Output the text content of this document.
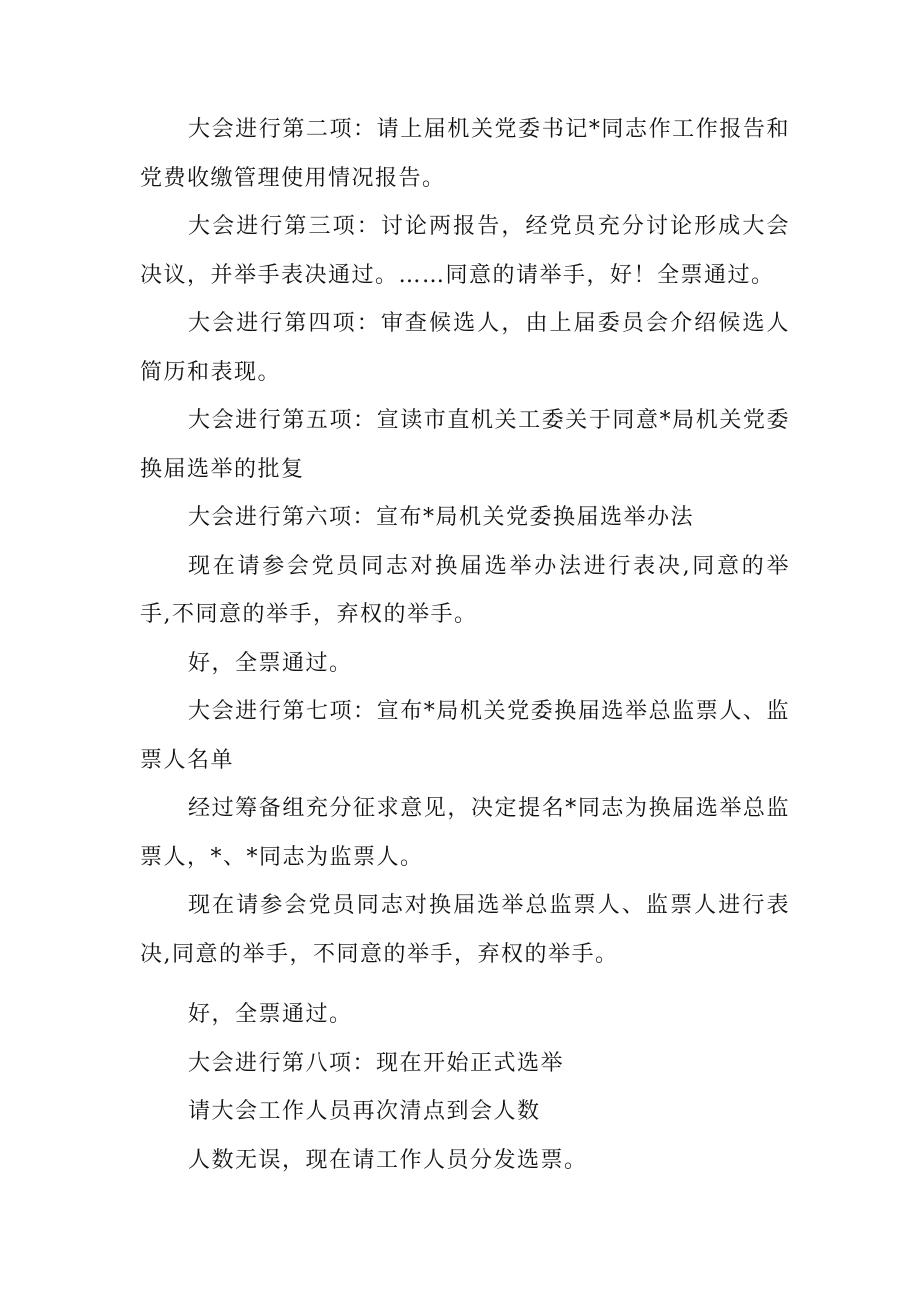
大会进行第二项：请上届机关党委书记*同志作工作报告和党费收缴管理使用情况报告。

大会进行第三项：讨论两报告，经党员充分讨论形成大会决议，并举手表决通过。……同意的请举手，好！全票通过。

大会进行第四项：审查候选人，由上届委员会介绍候选人简历和表现。

大会进行第五项：宣读市直机关工委关于同意*局机关党委换届选举的批复

大会进行第六项：宣布*局机关党委换届选举办法

现在请参会党员同志对换届选举办法进行表决,同意的举手,不同意的举手，弃权的举手。

好，全票通过。

大会进行第七项：宣布*局机关党委换届选举总监票人、监票人名单

经过筹备组充分征求意见，决定提名*同志为换届选举总监票人，*、*同志为监票人。

现在请参会党员同志对换届选举总监票人、监票人进行表决,同意的举手，不同意的举手，弃权的举手。

好，全票通过。

大会进行第八项：现在开始正式选举

请大会工作人员再次清点到会人数

人数无误，现在请工作人员分发选票。
